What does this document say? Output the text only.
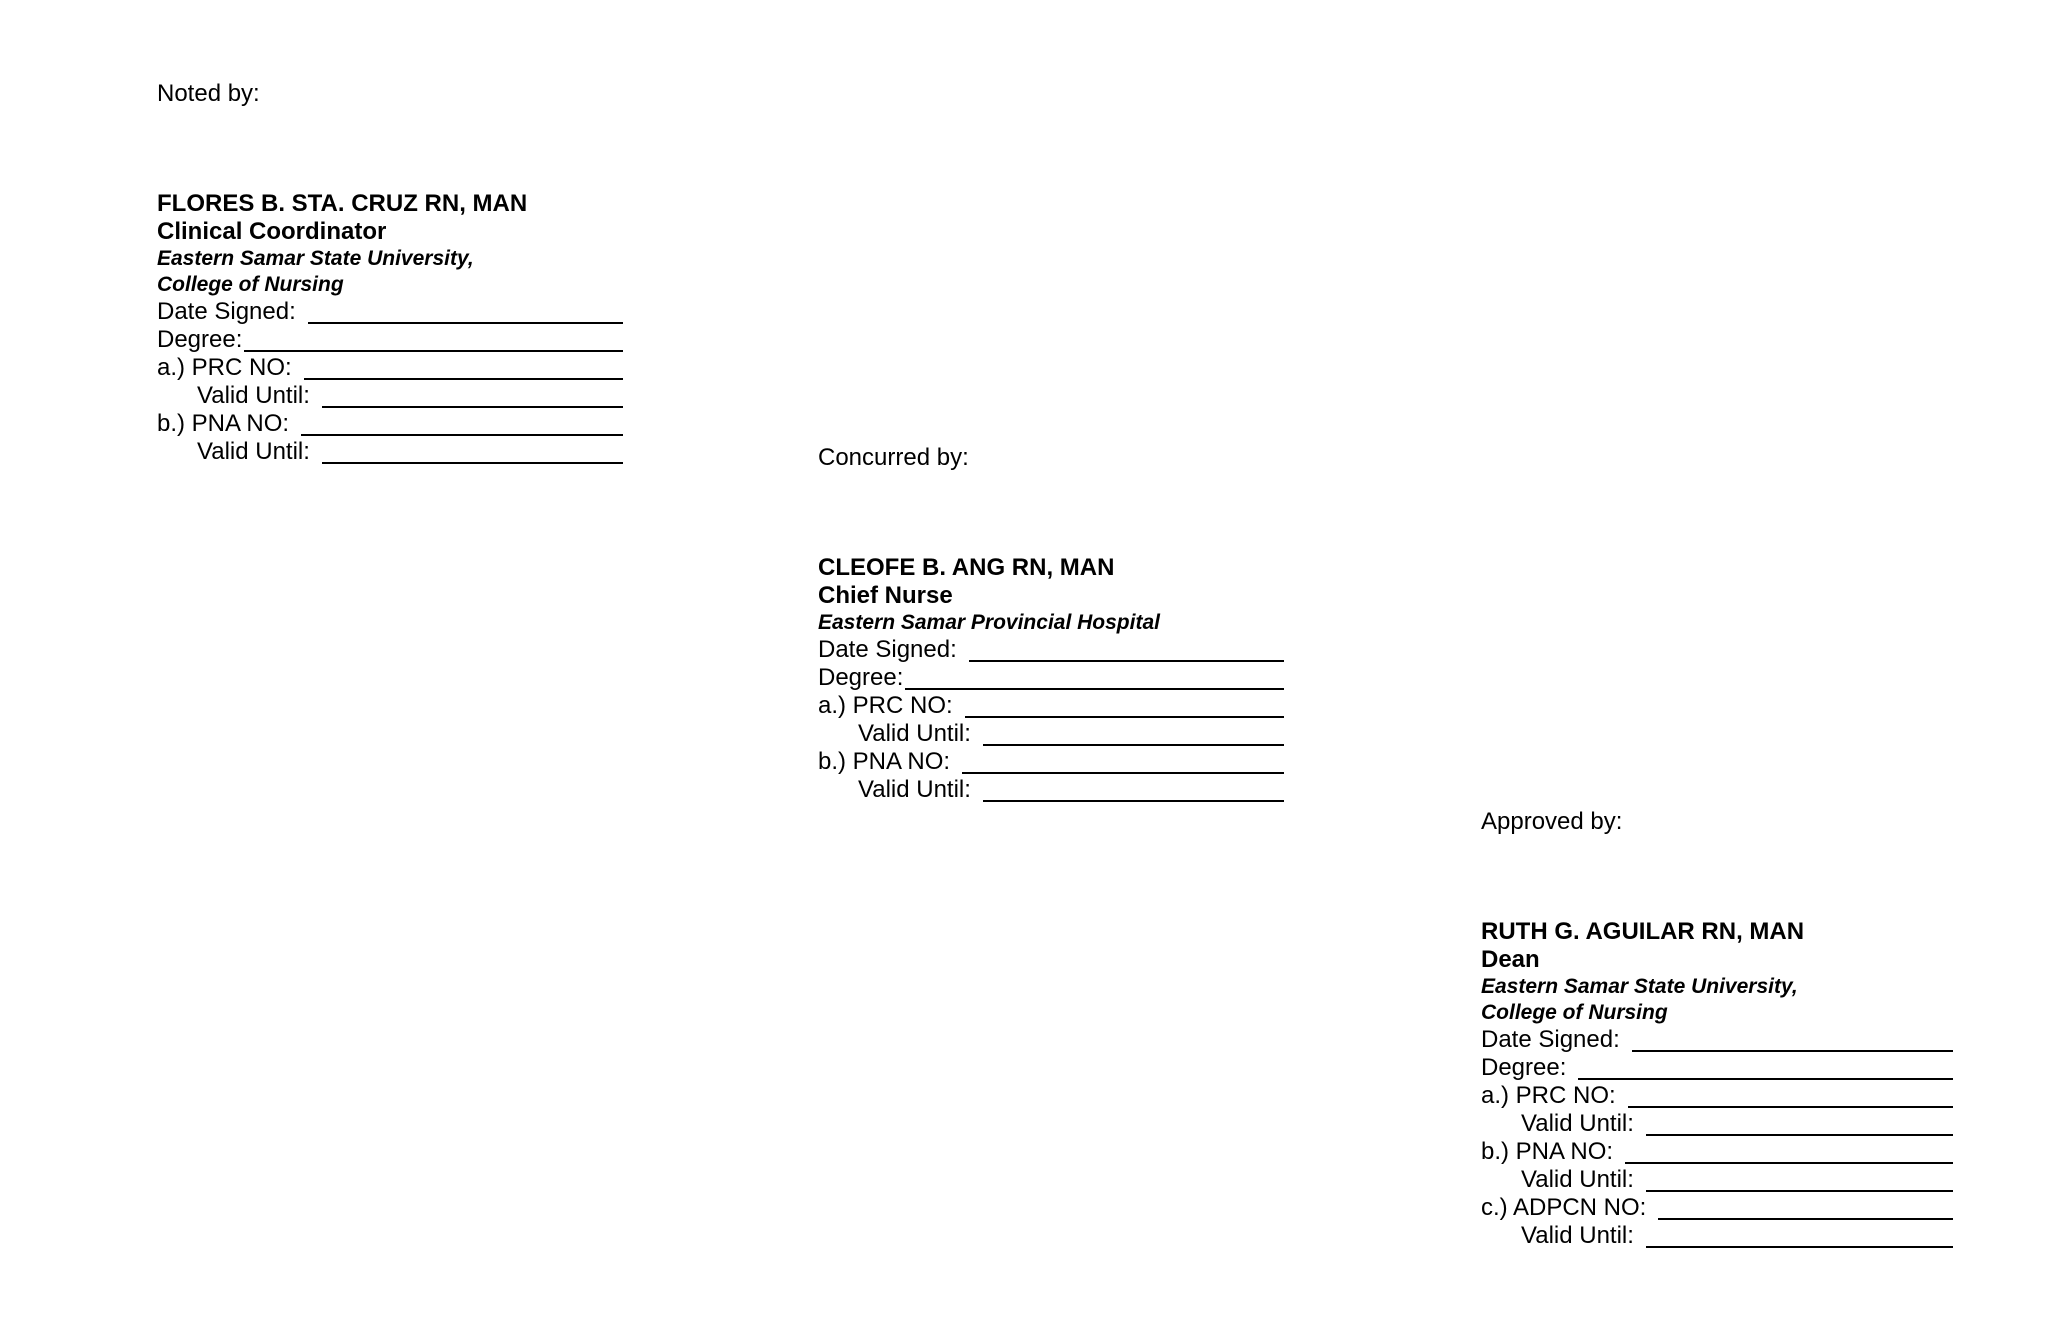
Noted by:
FLORES B. STA. CRUZ RN, MAN
Clinical Coordinator
Eastern Samar State University,
College of Nursing
Date Signed:
Degree:
a.) PRC NO:
Valid Until:
b.) PNA NO:
Valid Until:	Concurred by:
CLEOFE B. ANG RN, MAN
Chief Nurse
Eastern Samar Provincial Hospital
Date Signed:
Degree:
a.) PRC NO:
Valid Until:
b.) PNA NO:
Valid Until:
Approved by:
RUTH G. AGUILAR RN, MAN
Dean
Eastern Samar State University,
College of Nursing
Date Signed:
Degree:
a.) PRC NO:
Valid Until:
b.) PNA NO:
Valid Until:
c.) ADPCN NO:
Valid Until:
